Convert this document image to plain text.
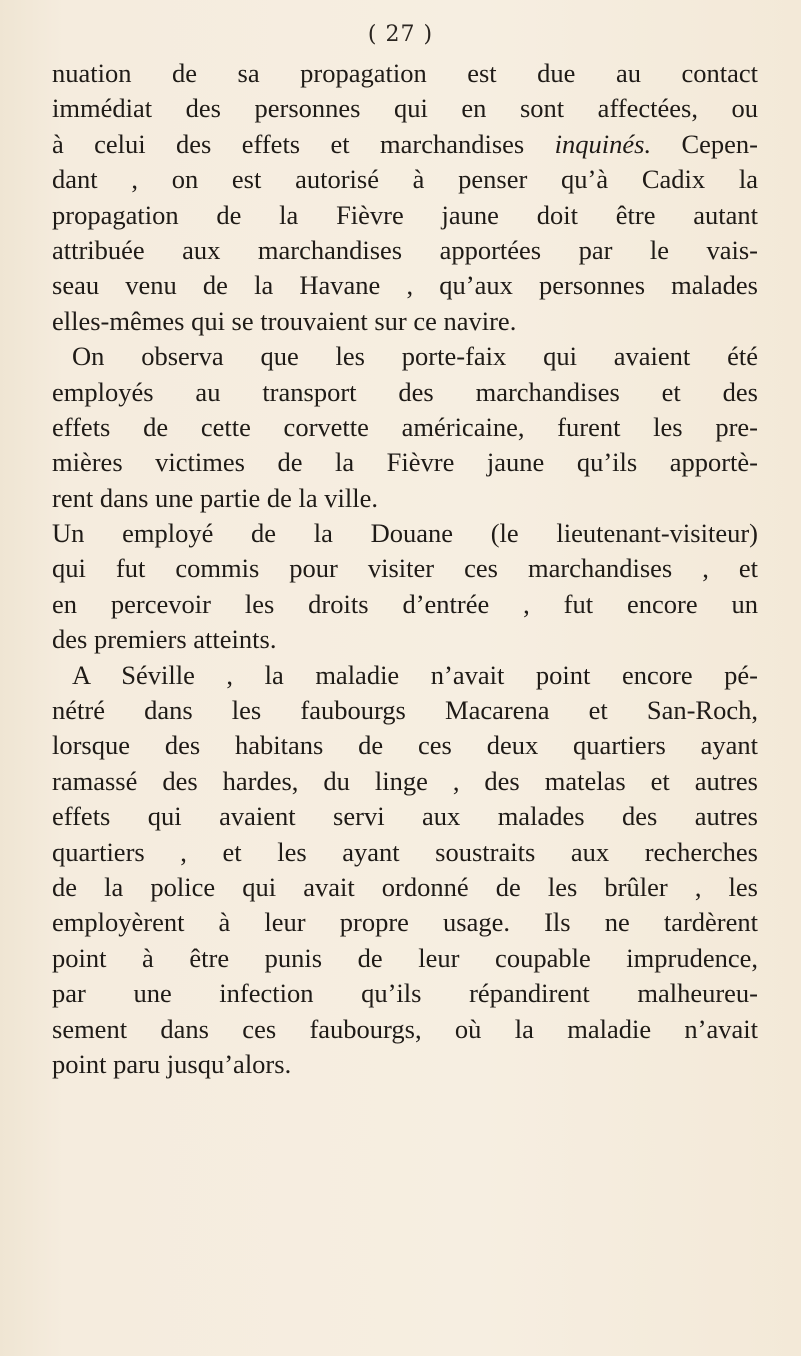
( 27 )
nuation de sa propagation est due au contact
immédiat des personnes qui en sont affectées, ou
à celui des effets et marchandises inquinés. Cepen-
dant , on est autorisé à penser qu’à Cadix la
propagation de la Fièvre jaune doit être autant
attribuée aux marchandises apportées par le vais-
seau venu de la Havane , qu’aux personnes malades
elles-mêmes qui se trouvaient sur ce navire.
On observa que les porte-faix qui avaient été
employés au transport des marchandises et des
effets de cette corvette américaine, furent les pre-
mières victimes de la Fièvre jaune qu’ils apportè-
rent dans une partie de la ville.
Un employé de la Douane (le lieutenant-visiteur)
qui fut commis pour visiter ces marchandises , et
en percevoir les droits d’entrée , fut encore un
des premiers atteints.
A Séville , la maladie n’avait point encore pé-
nétré dans les faubourgs Macarena et San-Roch,
lorsque des habitans de ces deux quartiers ayant
ramassé des hardes, du linge , des matelas et autres
effets qui avaient servi aux malades des autres
quartiers , et les ayant soustraits aux recherches
de la police qui avait ordonné de les brûler , les
employèrent à leur propre usage. Ils ne tardèrent
point à être punis de leur coupable imprudence,
par une infection qu’ils répandirent malheureu-
sement dans ces faubourgs, où la maladie n’avait
point paru jusqu’alors.
